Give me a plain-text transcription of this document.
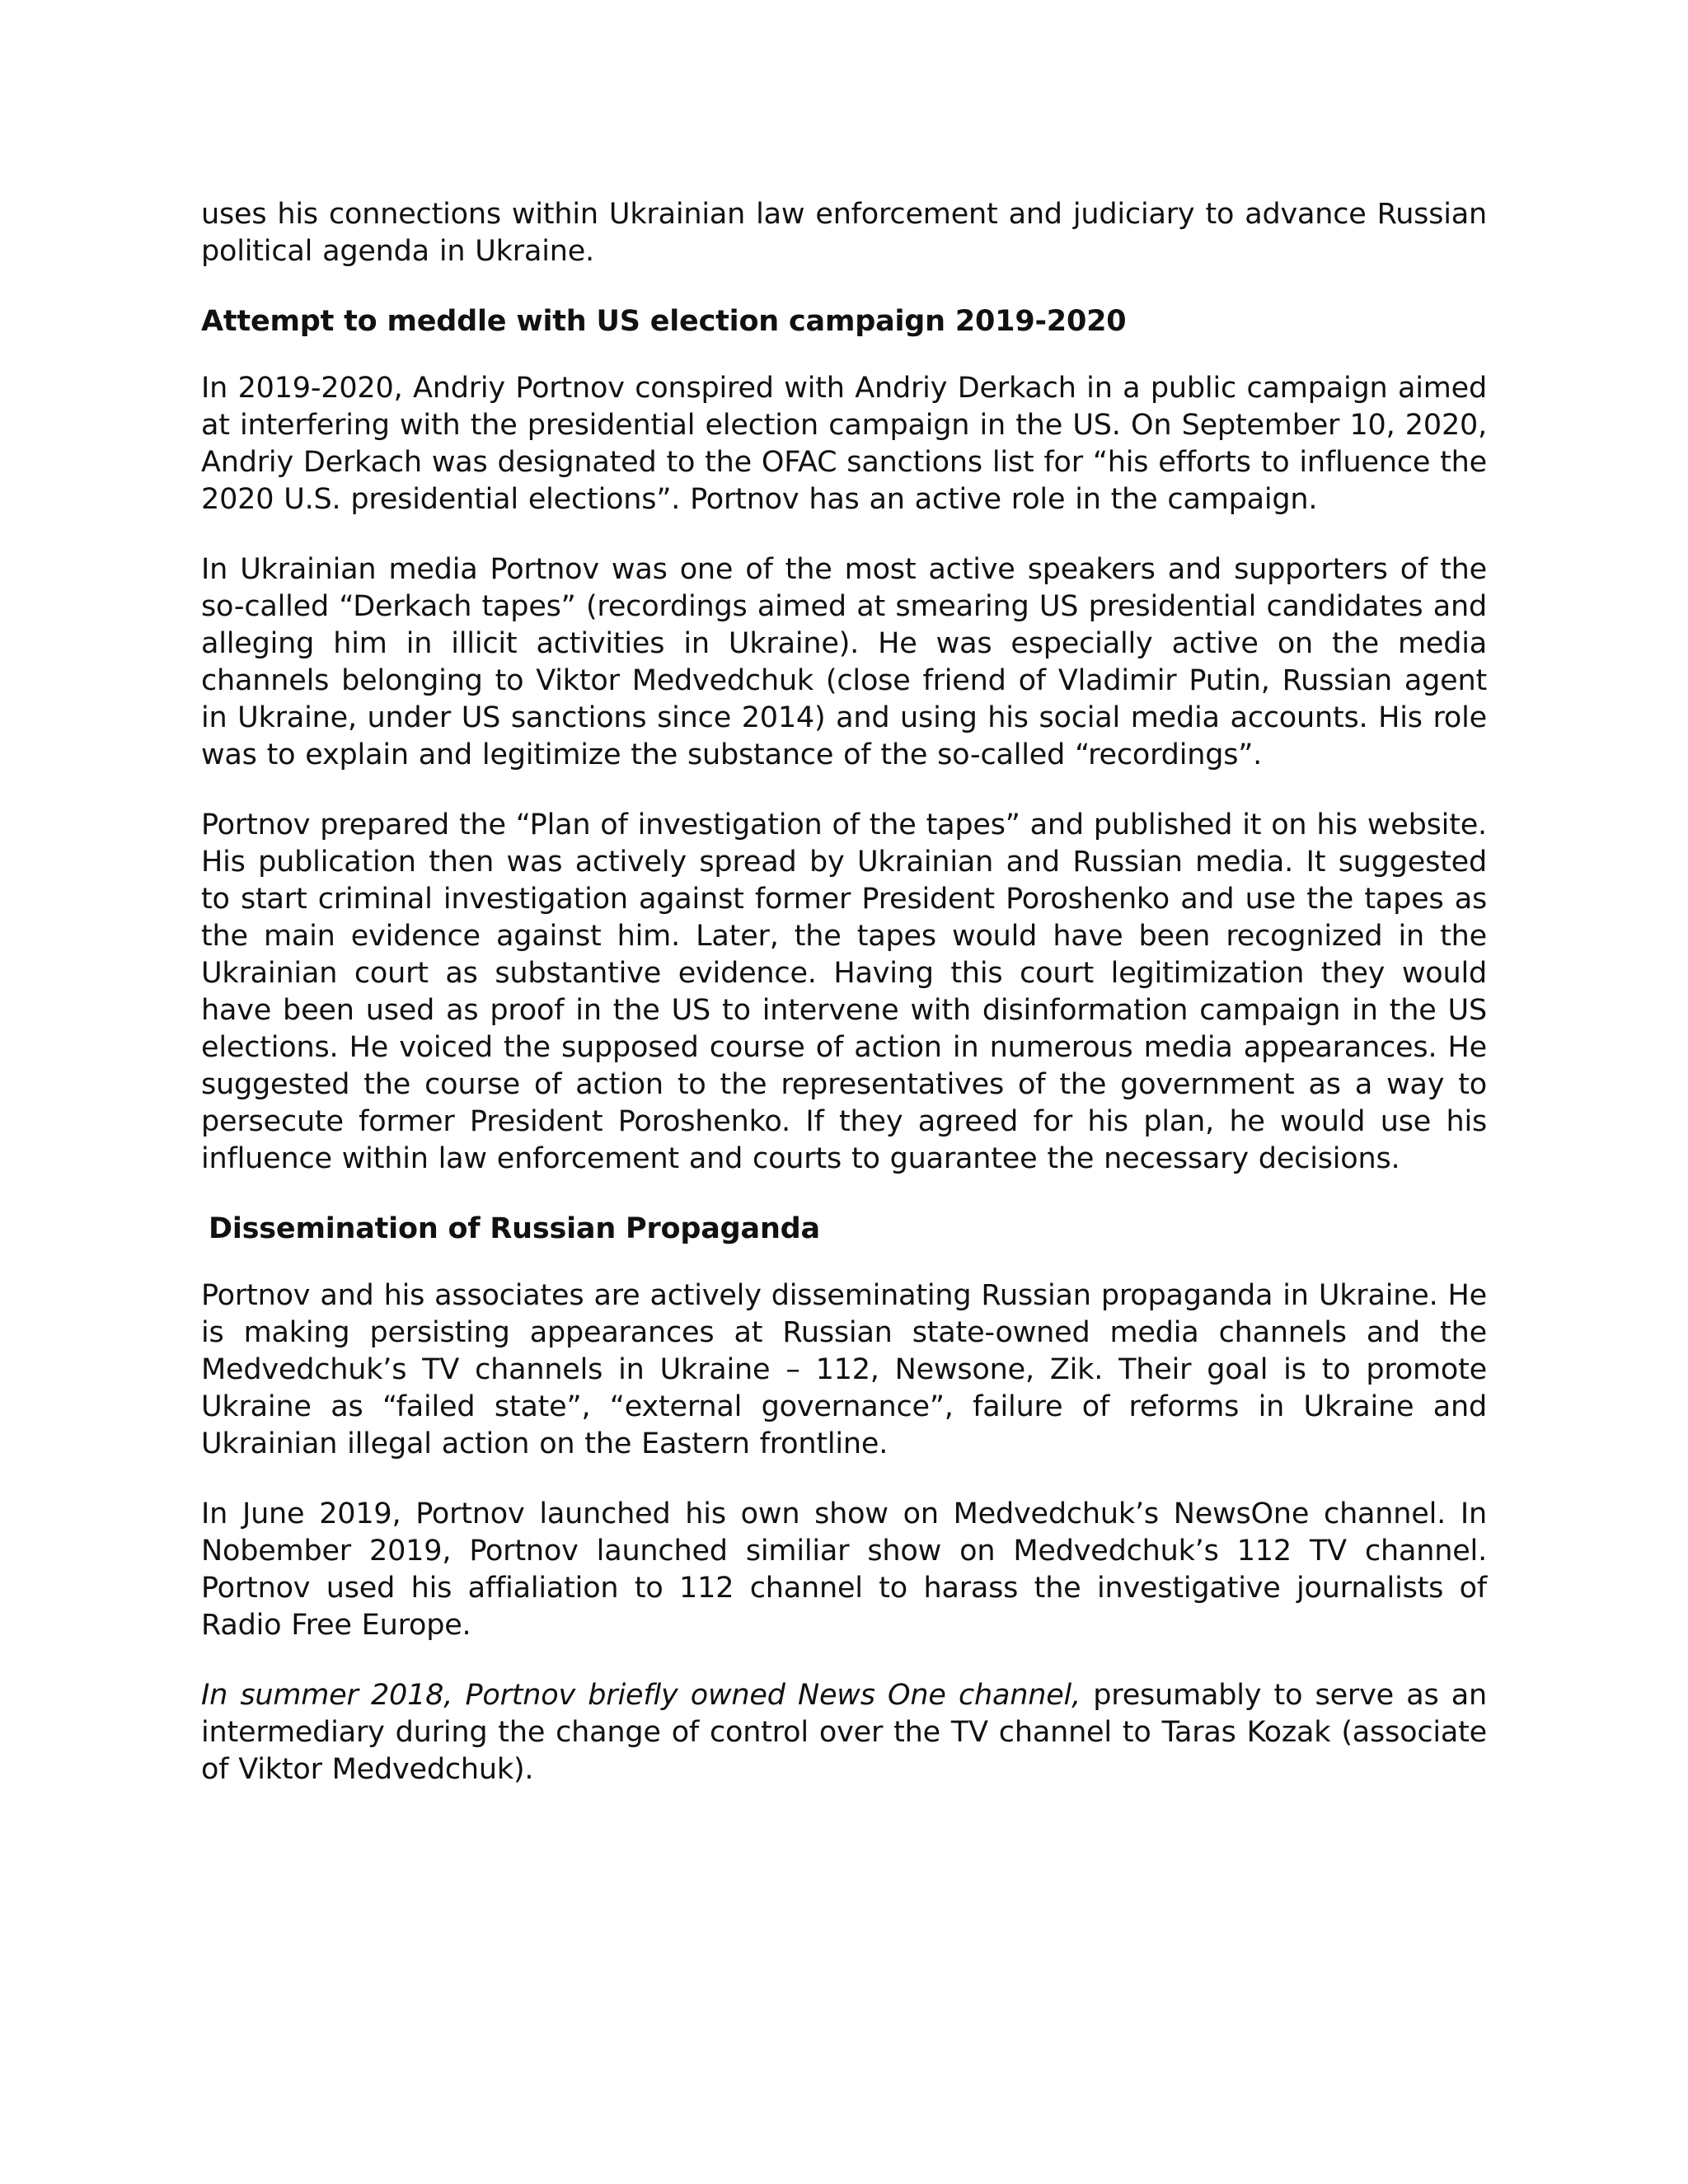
uses his connections within Ukrainian law enforcement and judiciary to advance Russian political agenda in Ukraine.

Attempt to meddle with US election campaign 2019-2020

In 2019-2020, Andriy Portnov conspired with Andriy Derkach in a public campaign aimed at interfering with the presidential election campaign in the US. On September 10, 2020, Andriy Derkach was designated to the OFAC sanctions list for “his efforts to influence the 2020 U.S. presidential elections”. Portnov has an active role in the campaign.

In Ukrainian media Portnov was one of the most active speakers and supporters of the so-called “Derkach tapes” (recordings aimed at smearing US presidential candidates and alleging him in illicit activities in Ukraine). He was especially active on the media channels belonging to Viktor Medvedchuk (close friend of Vladimir Putin, Russian agent in Ukraine, under US sanctions since 2014) and using his social media accounts. His role was to explain and legitimize the substance of the so-called “recordings”.

Portnov prepared the “Plan of investigation of the tapes” and published it on his website. His publication then was actively spread by Ukrainian and Russian media. It suggested to start criminal investigation against former President Poroshenko and use the tapes as the main evidence against him. Later, the tapes would have been recognized in the Ukrainian court as substantive evidence. Having this court legitimization they would have been used as proof in the US to intervene with disinformation campaign in the US elections. He voiced the supposed course of action in numerous media appearances. He suggested the course of action to the representatives of the government as a way to persecute former President Poroshenko. If they agreed for his plan, he would use his influence within law enforcement and courts to guarantee the necessary decisions.

Dissemination of Russian Propaganda

Portnov and his associates are actively disseminating Russian propaganda in Ukraine. He is making persisting appearances at Russian state-owned media channels and the Medvedchuk’s TV channels in Ukraine – 112, Newsone, Zik. Their goal is to promote Ukraine as “failed state”, “external governance”, failure of reforms in Ukraine and Ukrainian illegal action on the Eastern frontline.

In June 2019, Portnov launched his own show on Medvedchuk’s NewsOne channel. In Nobember 2019, Portnov launched similiar show on Medvedchuk’s 112 TV channel. Portnov used his affialiation to 112 channel to harass the investigative journalists of Radio Free Europe.

In summer 2018, Portnov briefly owned News One channel, presumably to serve as an intermediary during the change of control over the TV channel to Taras Kozak (associate of Viktor Medvedchuk).
